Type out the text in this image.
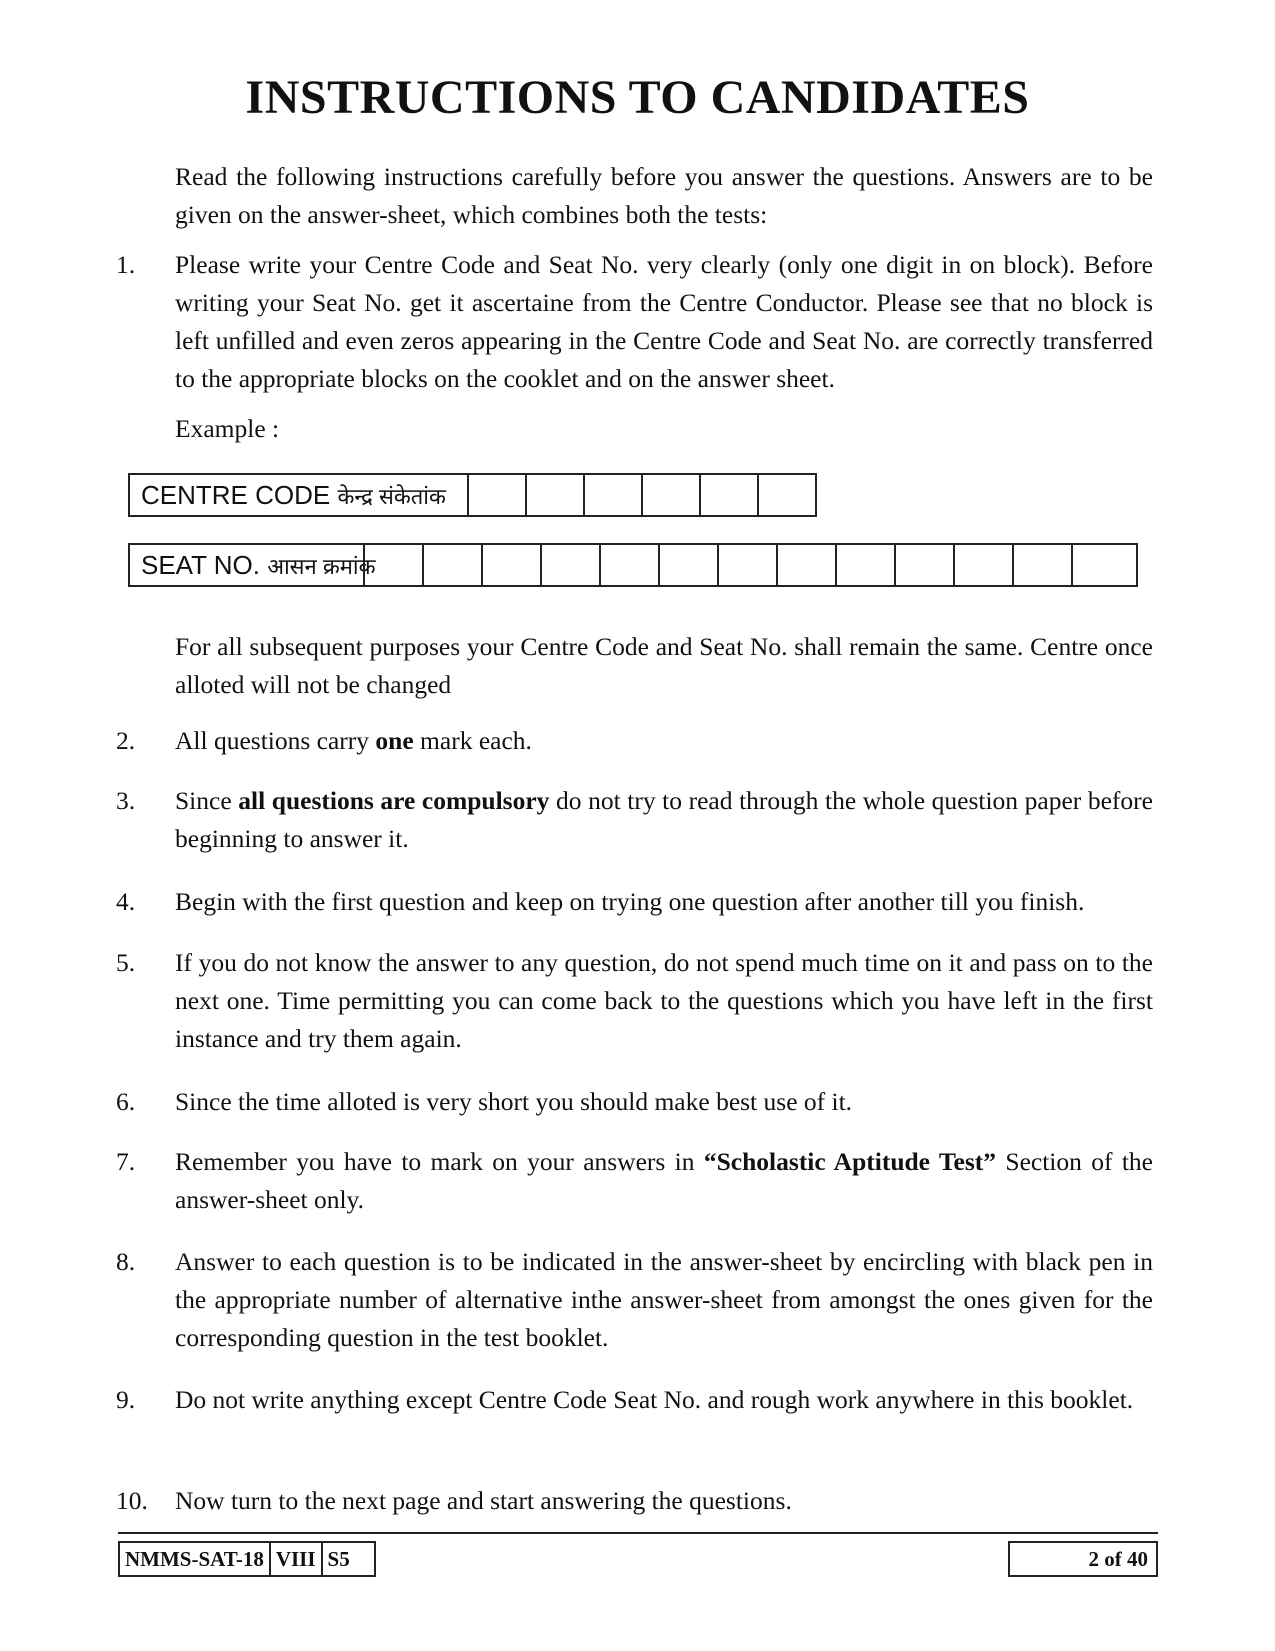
INSTRUCTIONS TO CANDIDATES

Read the following instructions carefully before you answer the questions. Answers are to be given on the answer-sheet, which combines both the tests:

1. Please write your Centre Code and Seat No. very clearly (only one digit in on block). Before writing your Seat No. get it ascertaine from the Centre Conductor. Please see that no block is left unfilled and even zeros appearing in the Centre Code and Seat No. are correctly transferred to the appropriate blocks on the cooklet and on the answer sheet.

Example :

CENTRE CODE केन्द्र संकेतांक
SEAT NO. आसन क्रमांक

For all subsequent purposes your Centre Code and Seat No. shall remain the same. Centre once alloted will not be changed

2. All questions carry one mark each.
3. Since all questions are compulsory do not try to read through the whole question paper before beginning to answer it.
4. Begin with the first question and keep on trying one question after another till you finish.
5. If you do not know the answer to any question, do not spend much time on it and pass on to the next one. Time permitting you can come back to the questions which you have left in the first instance and try them again.
6. Since the time alloted is very short you should make best use of it.
7. Remember you have to mark on your answers in “Scholastic Aptitude Test” Section of the answer-sheet only.
8. Answer to each question is to be indicated in the answer-sheet by encircling with black pen in the appropriate number of alternative inthe answer-sheet from amongst the ones given for the corresponding question in the test booklet.
9. Do not write anything except Centre Code Seat No. and rough work anywhere in this booklet.
10. Now turn to the next page and start answering the questions.
NMMS-SAT-18 VIII S5	2 of 40
